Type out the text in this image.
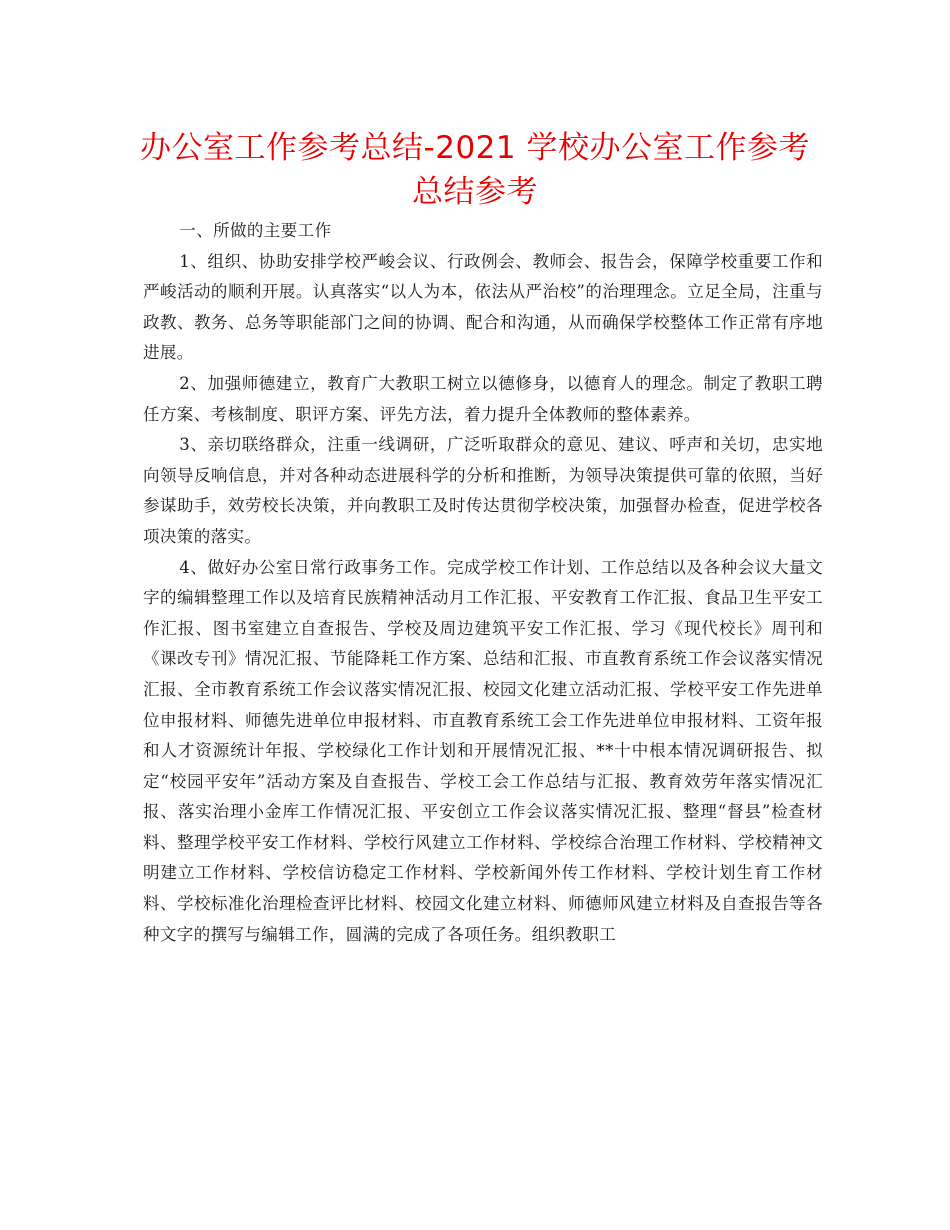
办公室工作参考总结-2021 学校办公室工作参考
总结参考

一、所做的主要工作

1、组织、协助安排学校严峻会议、行政例会、教师会、报告会，保障学校重要工作和严峻活动的顺利开展。认真落实“以人为本，依法从严治校”的治理理念。立足全局，注重与政教、教务、总务等职能部门之间的协调、配合和沟通，从而确保学校整体工作正常有序地进展。

2、加强师德建立，教育广大教职工树立以德修身，以德育人的理念。制定了教职工聘任方案、考核制度、职评方案、评先方法，着力提升全体教师的整体素养。

3、亲切联络群众，注重一线调研，广泛听取群众的意见、建议、呼声和关切，忠实地向领导反响信息，并对各种动态进展科学的分析和推断，为领导决策提供可靠的依照，当好参谋助手，效劳校长决策，并向教职工及时传达贯彻学校决策，加强督办检查，促进学校各项决策的落实。

4、做好办公室日常行政事务工作。完成学校工作计划、工作总结以及各种会议大量文字的编辑整理工作以及培育民族精神活动月工作汇报、平安教育工作汇报、食品卫生平安工作汇报、图书室建立自查报告、学校及周边建筑平安工作汇报、学习《现代校长》周刊和《课改专刊》情况汇报、节能降耗工作方案、总结和汇报、市直教育系统工作会议落实情况汇报、全市教育系统工作会议落实情况汇报、校园文化建立活动汇报、学校平安工作先进单位申报材料、师德先进单位申报材料、市直教育系统工会工作先进单位申报材料、工资年报和人才资源统计年报、学校绿化工作计划和开展情况汇报、**十中根本情况调研报告、拟定“校园平安年”活动方案及自查报告、学校工会工作总结与汇报、教育效劳年落实情况汇报、落实治理小金库工作情况汇报、平安创立工作会议落实情况汇报、整理“督县”检查材料、整理学校平安工作材料、学校行风建立工作材料、学校综合治理工作材料、学校精神文明建立工作材料、学校信访稳定工作材料、学校新闻外传工作材料、学校计划生育工作材料、学校标准化治理检查评比材料、校园文化建立材料、师德师风建立材料及自查报告等各种文字的撰写与编辑工作，圆满的完成了各项任务。组织教职工
